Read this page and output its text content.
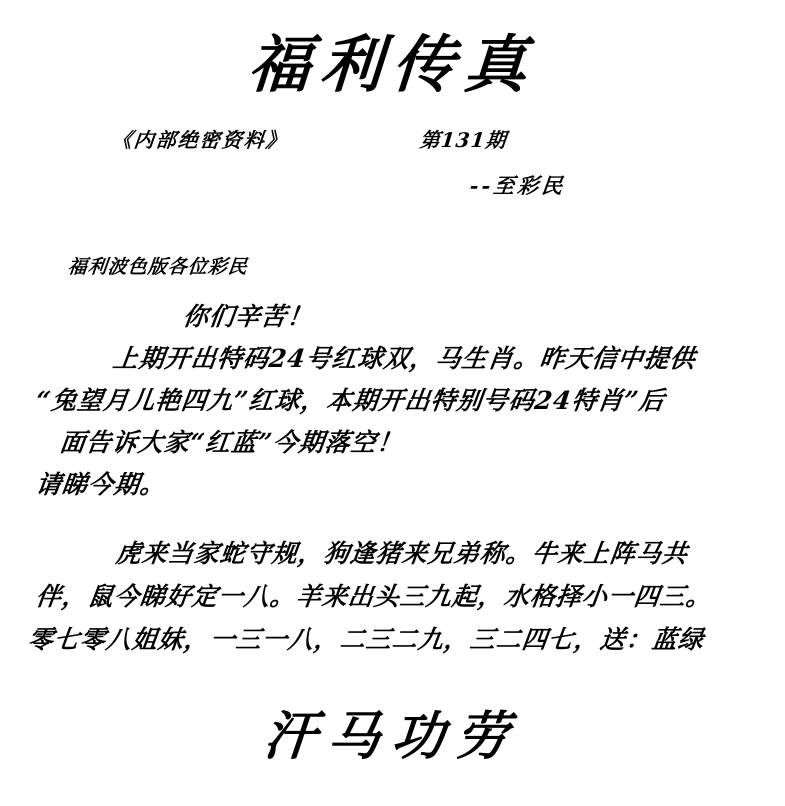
福利传真
《内部绝密资料》	第131期
--至彩民
福利波色版各位彩民
你们辛苦！
上期开出特码24号红球双，马生肖。昨天信中提供
“兔望月儿艳四九”红球，本期开出特别号码24特肖”后
面告诉大家“红蓝”今期落空！
请睇今期。
虎来当家蛇守规，狗逢猪来兄弟称。牛来上阵马共
伴，鼠今睇好定一八。羊来出头三九起，水格择小一四三。
零七零八姐妹，一三一八，二三二九，三二四七，送：蓝绿
汗马功劳
